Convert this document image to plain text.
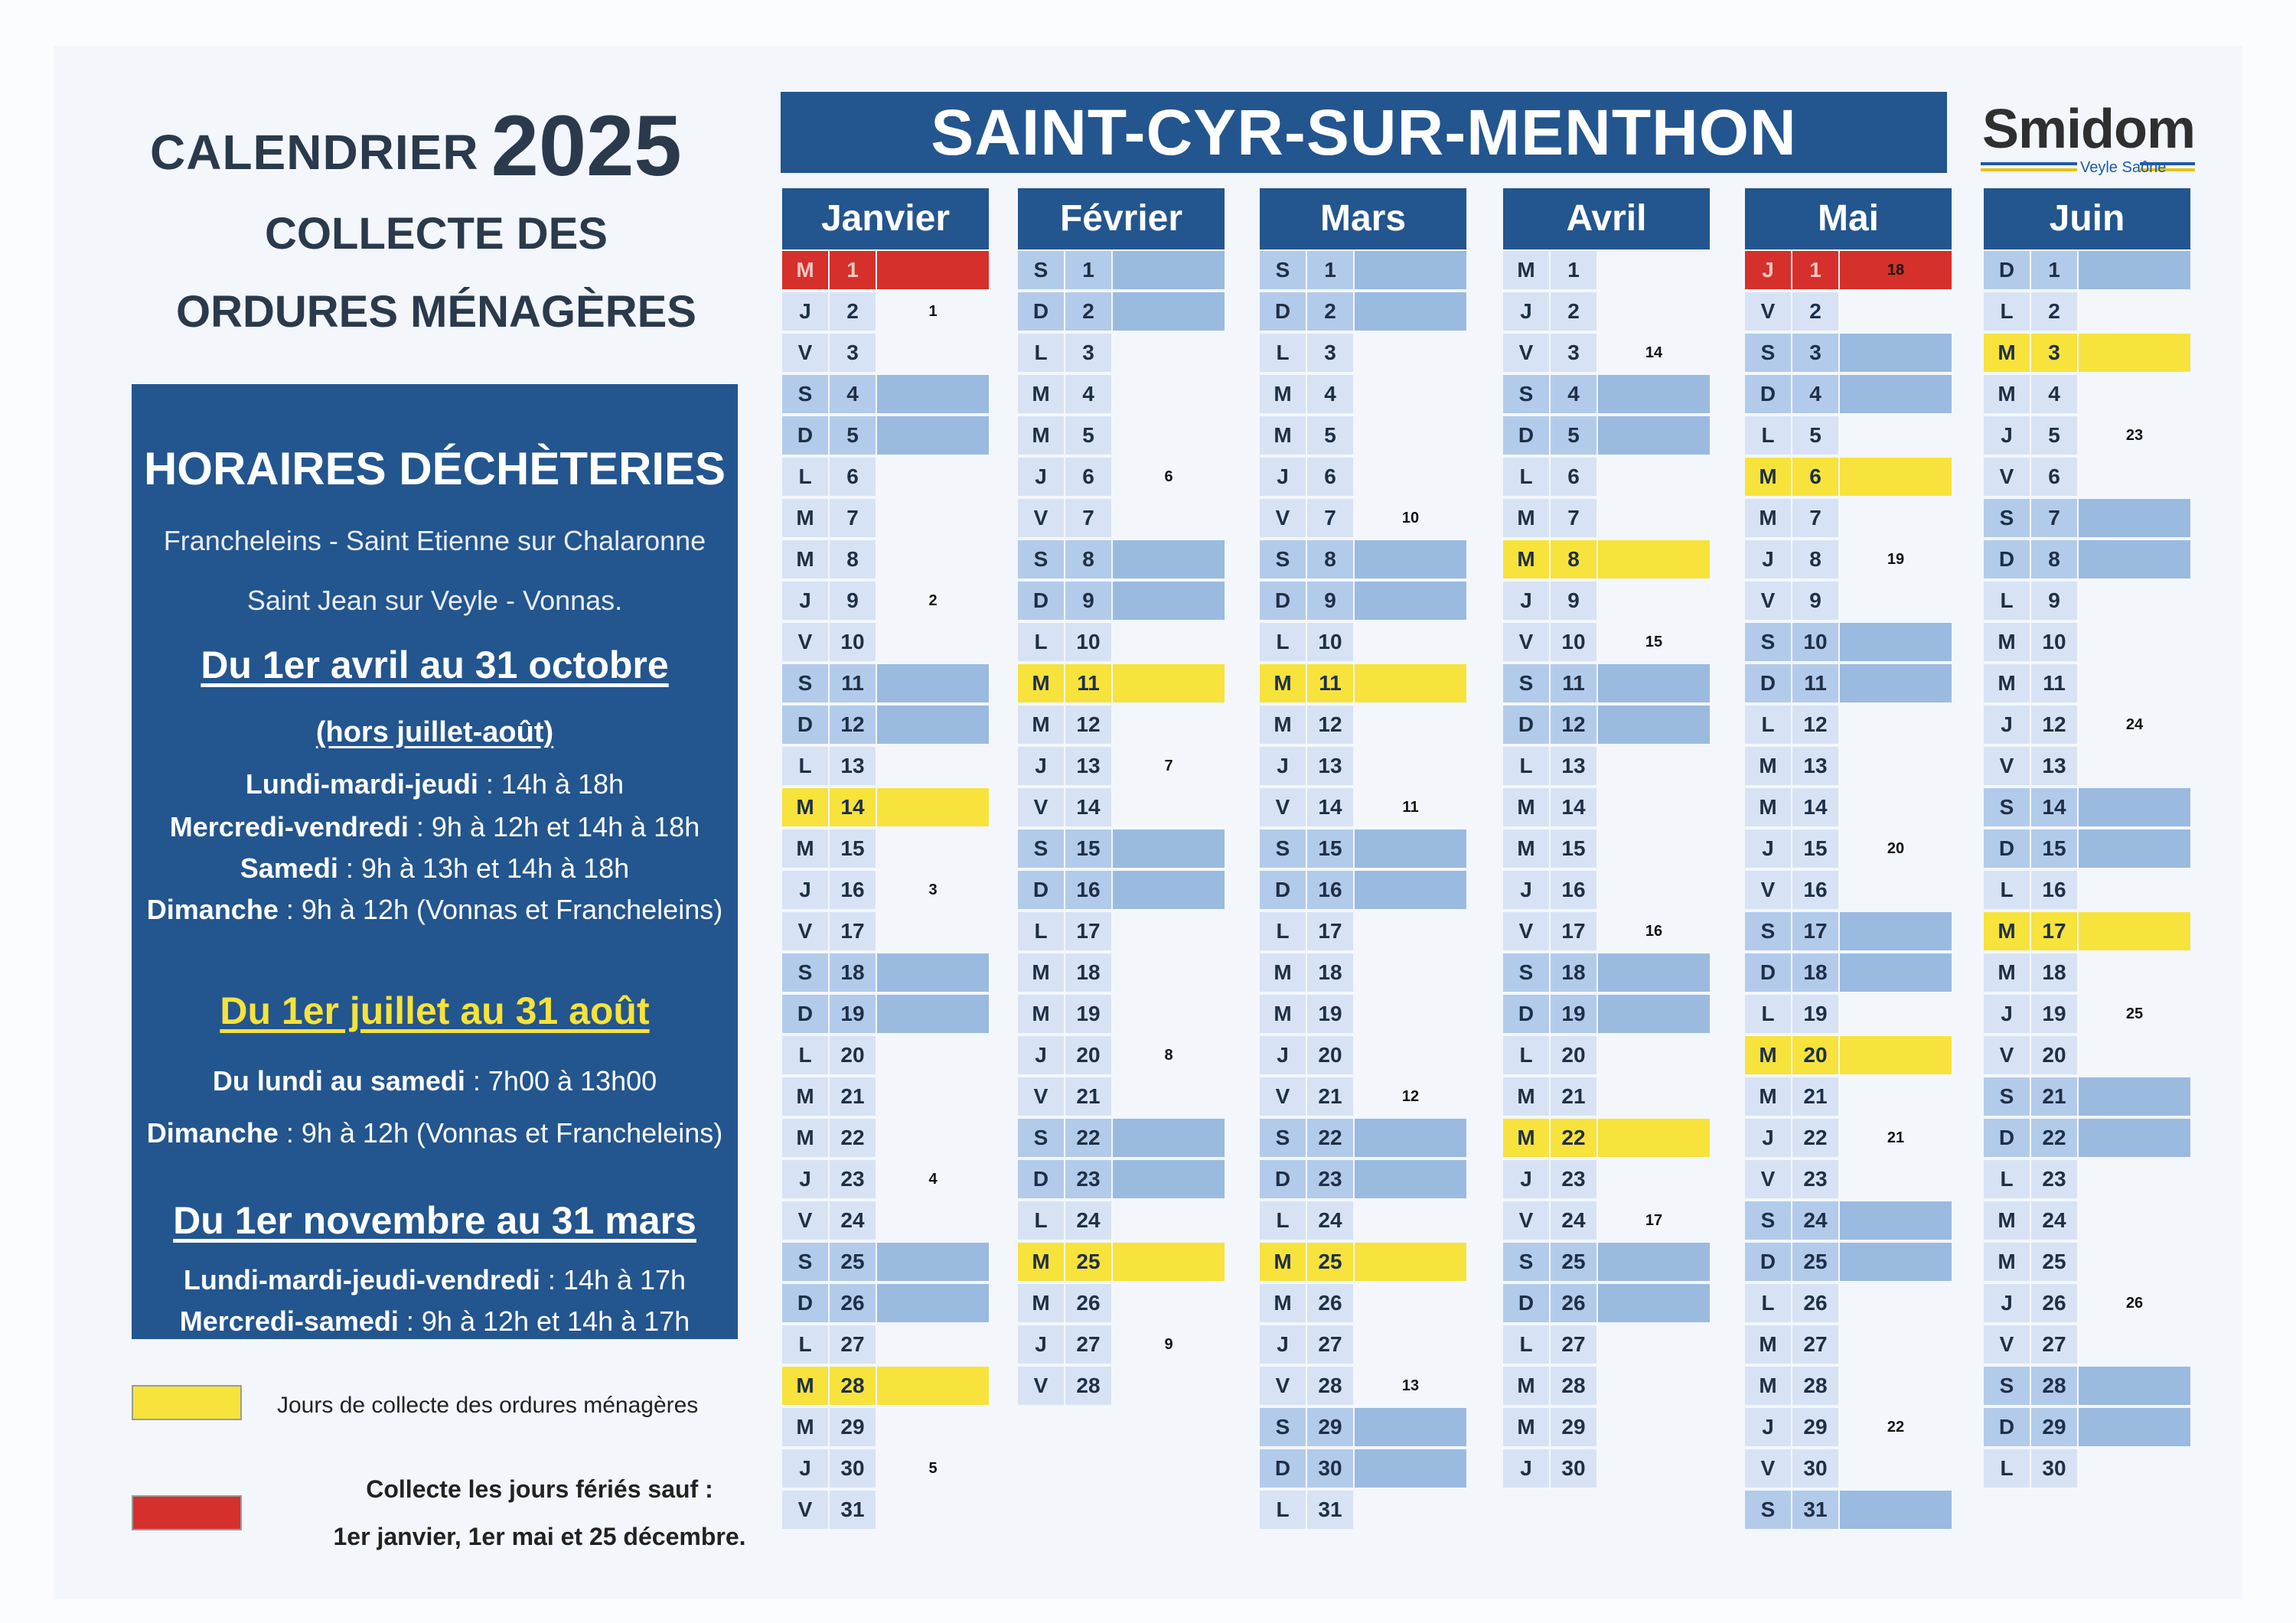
CALENDRIER 2025
COLLECTE DES
ORDURES MÉNAGÈRES
HORAIRES DÉCHÈTERIES
Francheleins - Saint Etienne sur Chalaronne
Saint Jean sur Veyle - Vonnas.
Du 1er avril au 31 octobre
(hors juillet-août)
Lundi-mardi-jeudi : 14h à 18h
Mercredi-vendredi : 9h à 12h et 14h à 18h
Samedi : 9h à 13h et 14h à 18h
Dimanche : 9h à 12h (Vonnas et Francheleins)
Du 1er juillet au 31 août
Du lundi au samedi : 7h00 à 13h00
Dimanche : 9h à 12h (Vonnas et Francheleins)
Du 1er novembre au 31 mars
Lundi-mardi-jeudi-vendredi : 14h à 17h
Mercredi-samedi : 9h à 12h et 14h à 17h
Jours de collecte des ordures ménagères
Collecte les jours fériés sauf :
1er janvier, 1er mai et 25 décembre.
SAINT-CYR-SUR-MENTHON	Smidom
Veyle Saône
Janvier
M	1
J	2	1
V	3
S	4
D	5
L	6
M	7
M	8
J	9	2
V	10
S	11
D	12
L	13
M	14
M	15
J	16	3
V	17
S	18
D	19
L	20
M	21
M	22
J	23	4
V	24
S	25
D	26
L	27
M	28
M	29
J	30	5
V	31
Février
S	1
D	2
L	3
M	4
M	5
J	6	6
V	7
S	8
D	9
L	10
M	11
M	12
J	13	7
V	14
S	15
D	16
L	17
M	18
M	19
J	20	8
V	21
S	22
D	23
L	24
M	25
M	26
J	27	9
V	28
Mars
S	1
D	2
L	3
M	4
M	5
J	6
V	7	10
S	8
D	9
L	10
M	11
M	12
J	13
V	14	11
S	15
D	16
L	17
M	18
M	19
J	20
V	21	12
S	22
D	23
L	24
M	25
M	26
J	27
V	28	13
S	29
D	30
L	31
Avril
M	1
J	2
V	3	14
S	4
D	5
L	6
M	7
M	8
J	9
V	10	15
S	11
D	12
L	13
M	14
M	15
J	16
V	17	16
S	18
D	19
L	20
M	21
M	22
J	23
V	24	17
S	25
D	26
L	27
M	28
M	29
J	30
Mai
J	1	18
V	2
S	3
D	4
L	5
M	6
M	7
J	8	19
V	9
S	10
D	11
L	12
M	13
M	14
J	15	20
V	16
S	17
D	18
L	19
M	20
M	21
J	22	21
V	23
S	24
D	25
L	26
M	27
M	28
J	29	22
V	30
S	31
Juin
D	1
L	2
M	3
M	4
J	5	23
V	6
S	7
D	8
L	9
M	10
M	11
J	12	24
V	13
S	14
D	15
L	16
M	17
M	18
J	19	25
V	20
S	21
D	22
L	23
M	24
M	25
J	26	26
V	27
S	28
D	29
L	30
